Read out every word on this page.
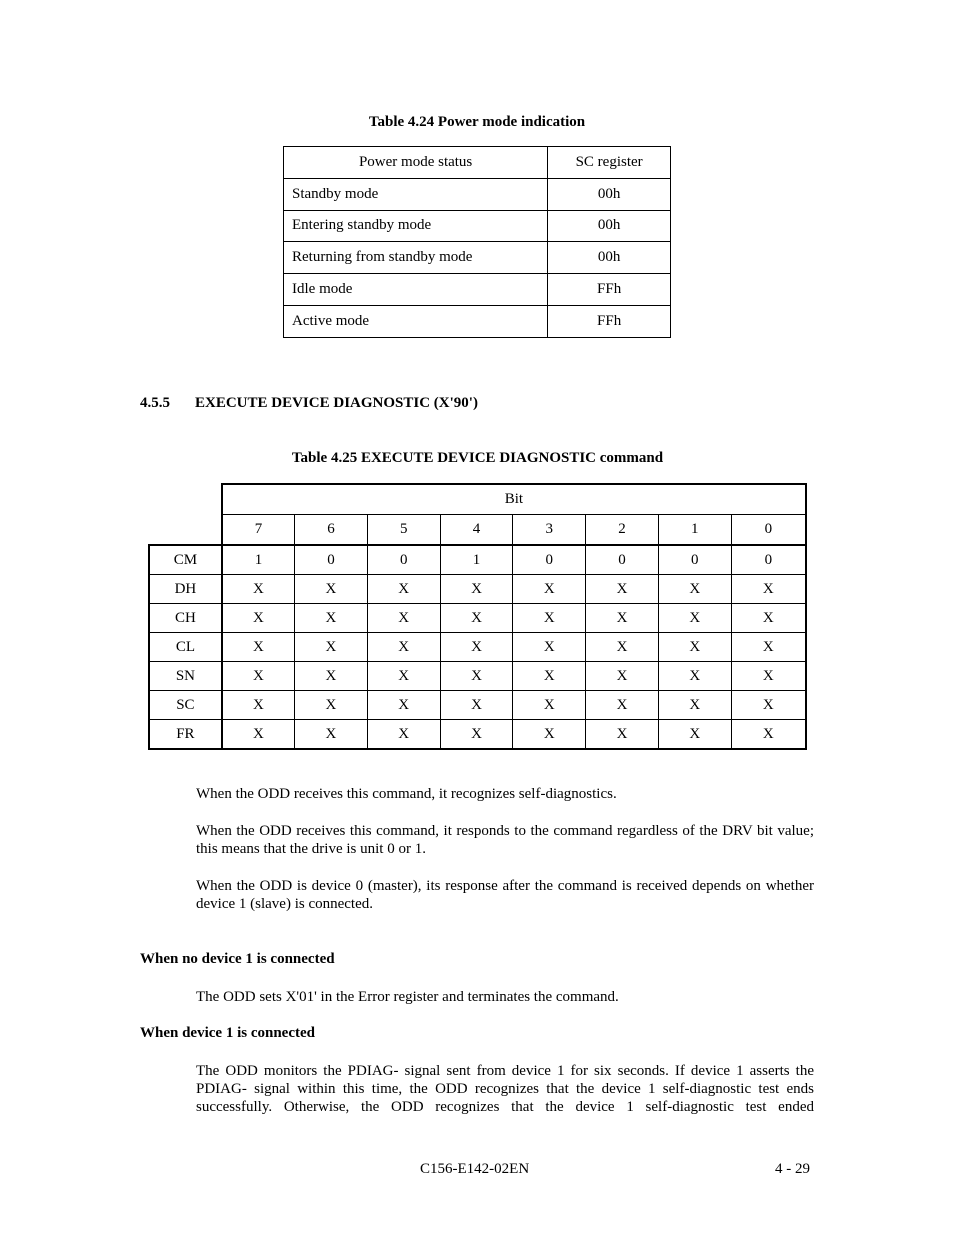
Table 4.24 Power mode indication
Power mode status	SC register
Standby mode	00h
Entering standby mode	00h
Returning from standby mode	00h
Idle mode	FFh
Active mode	FFh
4.5.5 EXECUTE DEVICE DIAGNOSTIC (X'90')
Table 4.25 EXECUTE DEVICE DIAGNOSTIC command
	Bit							
	7	6	5	4	3	2	1	0
CM	1	0	0	1	0	0	0	0
DH	X	X	X	X	X	X	X	X
CH	X	X	X	X	X	X	X	X
CL	X	X	X	X	X	X	X	X
SN	X	X	X	X	X	X	X	X
SC	X	X	X	X	X	X	X	X
FR	X	X	X	X	X	X	X	X
When the ODD receives this command, it recognizes self-diagnostics.
When the ODD receives this command, it responds to the command regardless of the DRV bit value; this means that the drive is unit 0 or 1.
When the ODD is device 0 (master), its response after the command is received depends on whether device 1 (slave) is connected.
When no device 1 is connected
The ODD sets X'01' in the Error register and terminates the command.
When device 1 is connected
The ODD monitors the PDIAG- signal sent from device 1 for six seconds. If device 1 asserts the
PDIAG- signal within this time, the ODD recognizes that the device 1 self-diagnostic test ends
successfully. Otherwise, the ODD recognizes that the device 1 self-diagnostic test ended
C156-E142-02EN	4 - 29
